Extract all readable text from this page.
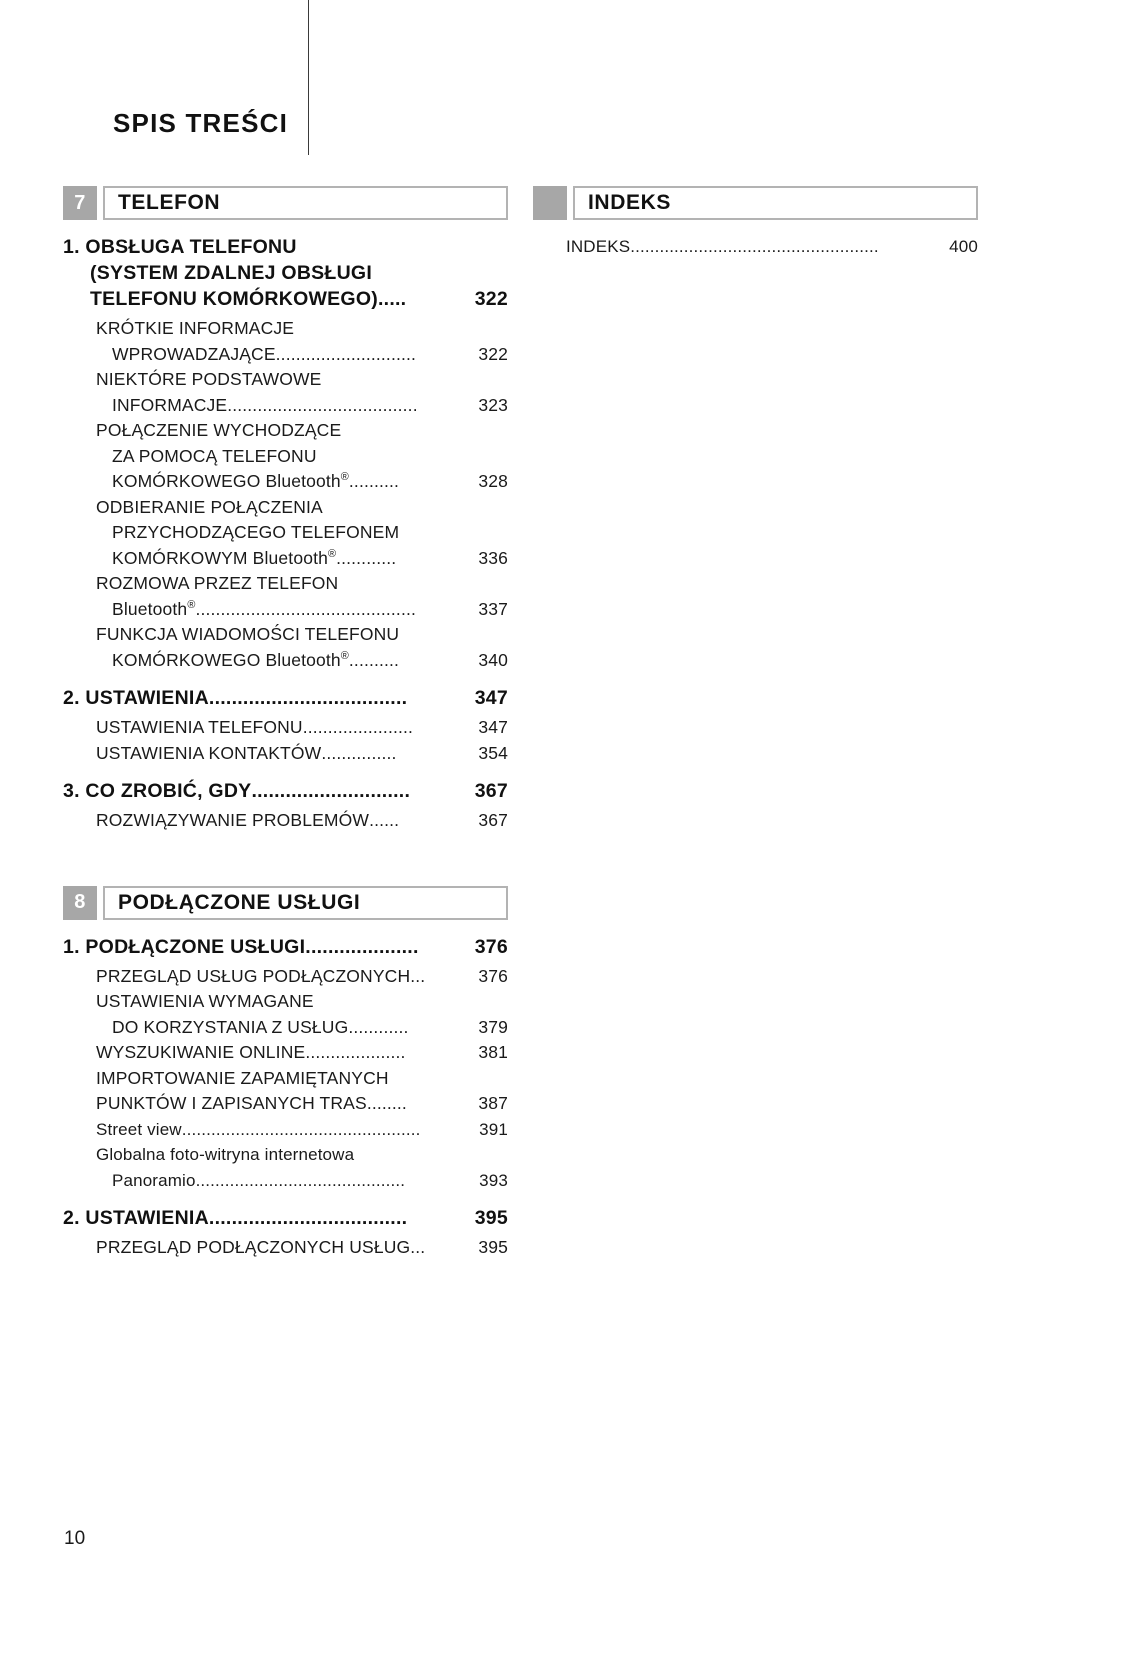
SPIS TREŚCI
7	TELEFON
1. OBSŁUGA TELEFONU
(SYSTEM ZDALNEJ OBSŁUGI
TELEFONU KOMÓRKOWEGO) .....	322
KRÓTKIE INFORMACJE
WPROWADZAJĄCE ............................	322
NIEKTÓRE PODSTAWOWE
INFORMACJE ......................................	323
POŁĄCZENIE WYCHODZĄCE
ZA POMOCĄ TELEFONU
KOMÓRKOWEGO Bluetooth® ..........	328
ODBIERANIE POŁĄCZENIA
PRZYCHODZĄCEGO TELEFONEM
KOMÓRKOWYM Bluetooth® ............	336
ROZMOWA PRZEZ TELEFON
Bluetooth® ............................................	337
FUNKCJA WIADOMOŚCI TELEFONU
KOMÓRKOWEGO Bluetooth® ..........	340
2. USTAWIENIA ...................................	347
USTAWIENIA TELEFONU ......................	347
USTAWIENIA KONTAKTÓW ...............	354
3. CO ZROBIĆ, GDY ............................	367
ROZWIĄZYWANIE PROBLEMÓW ......	367
8	PODŁĄCZONE USŁUGI
1. PODŁĄCZONE USŁUGI ....................	376
PRZEGLĄD USŁUG PODŁĄCZONYCH ...	376
USTAWIENIA WYMAGANE
DO KORZYSTANIA Z USŁUG ............	379
WYSZUKIWANIE ONLINE ....................	381
IMPORTOWANIE ZAPAMIĘTANYCH
PUNKTÓW I ZAPISANYCH TRAS ........	387
Street view .................................................	391
Globalna foto-witryna internetowa
Panoramio ...........................................	393
2. USTAWIENIA ...................................	395
PRZEGLĄD PODŁĄCZONYCH USŁUG ...	395
INDEKS
INDEKS ...................................................	400
10
